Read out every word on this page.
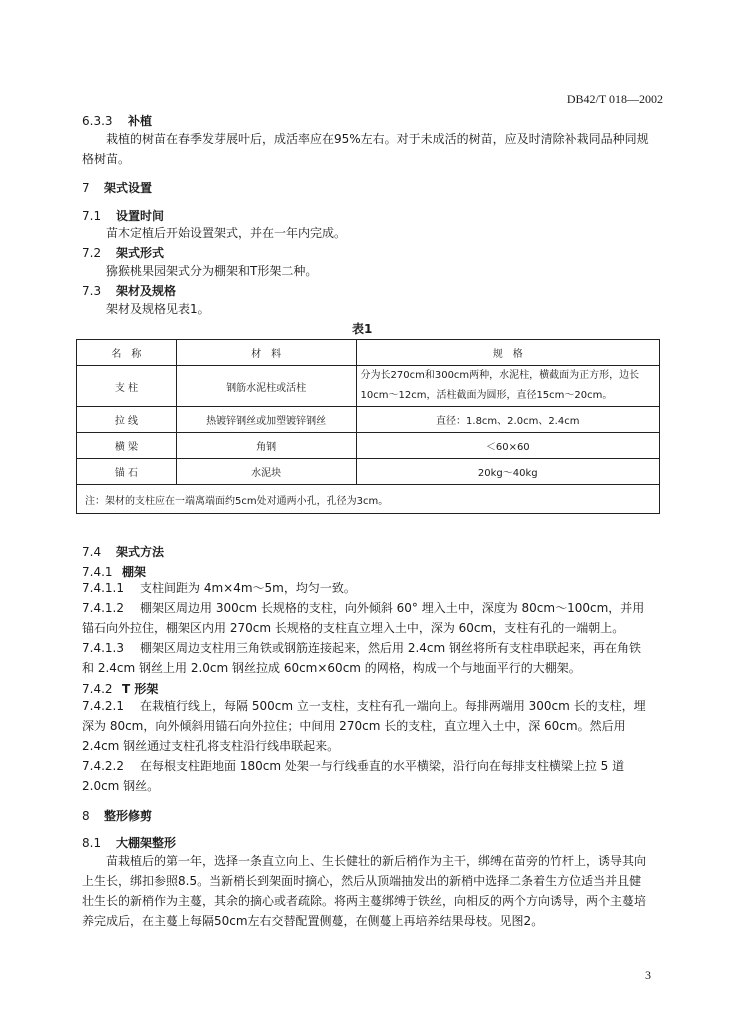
DB42/T 018—2002
6.3.3 补植
栽植的树苗在春季发芽展叶后，成活率应在95%左右。对于未成活的树苗，应及时清除补栽同品种同规格树苗。
7 架式设置
7.1 设置时间
苗木定植后开始设置架式，并在一年内完成。
7.2 架式形式
猕猴桃果园架式分为棚架和T形架二种。
7.3 架材及规格
架材及规格见表1。
表1
名　称	材　料	规　格
支 柱	钢筋水泥柱或活柱	分为长270cm和300cm两种，水泥柱，横截面为正方形，边长10cm～12cm，活柱截面为圆形，直径15cm～20cm。
拉 线	热镀锌钢丝或加塑镀锌钢丝	直径：1.8cm、2.0cm、2.4cm
横 梁	角钢	＜60×60
锚 石	水泥块	20kg～40kg
注：架材的支柱应在一端离端面约5cm处对通两小孔，孔径为3cm。		
7.4 架式方法
7.4.1 棚架
7.4.1.1 支柱间距为 4m×4m～5m，均匀一致。
7.4.1.2 棚架区周边用 300cm 长规格的支柱，向外倾斜 60° 埋入土中，深度为 80cm～100cm，并用锚石向外拉住，棚架区内用 270cm 长规格的支柱直立埋入土中，深为 60cm，支柱有孔的一端朝上。
7.4.1.3 棚架区周边支柱用三角铁或钢筋连接起来，然后用 2.4cm 钢丝将所有支柱串联起来，再在角铁和 2.4cm 钢丝上用 2.0cm 钢丝拉成 60cm×60cm 的网格，构成一个与地面平行的大棚架。
7.4.2 T 形架
7.4.2.1 在栽植行线上，每隔 500cm 立一支柱，支柱有孔一端向上。每排两端用 300cm 长的支柱，埋深为 80cm，向外倾斜用锚石向外拉住；中间用 270cm 长的支柱，直立埋入土中，深 60cm。然后用 2.4cm 钢丝通过支柱孔将支柱沿行线串联起来。
7.4.2.2 在每根支柱距地面 180cm 处架一与行线垂直的水平横梁，沿行向在每排支柱横梁上拉 5 道 2.0cm 钢丝。
8 整形修剪
8.1 大棚架整形
苗栽植后的第一年，选择一条直立向上、生长健壮的新后梢作为主干，绑缚在苗旁的竹杆上，诱导其向上生长，绑扣参照8.5。当新梢长到架面时摘心，然后从顶端抽发出的新梢中选择二条着生方位适当并且健壮生长的新梢作为主蔓，其余的摘心或者疏除。将两主蔓绑缚于铁丝，向相反的两个方向诱导，两个主蔓培养完成后，在主蔓上每隔50cm左右交替配置侧蔓，在侧蔓上再培养结果母枝。见图2。
3
